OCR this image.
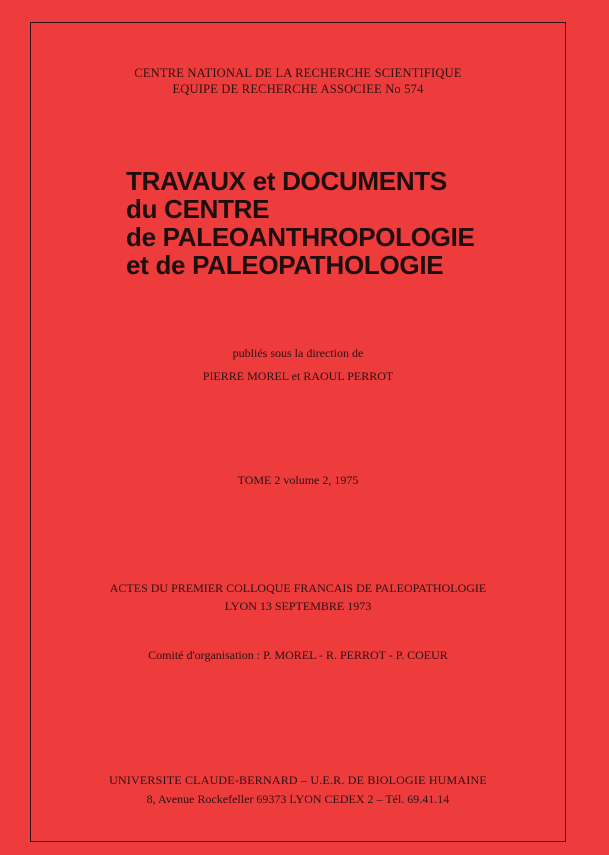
CENTRE NATIONAL DE LA RECHERCHE SCIENTIFIQUE
EQUIPE DE RECHERCHE ASSOCIEE No 574
TRAVAUX et DOCUMENTS
du CENTRE
de PALEOANTHROPOLOGIE
et de PALEOPATHOLOGIE
publiés sous la direction de
PIERRE MOREL et RAOUL PERROT
TOME 2 volume 2, 1975
ACTES DU PREMIER COLLOQUE FRANCAIS DE PALEOPATHOLOGIE
LYON 13 SEPTEMBRE 1973
Comité d'organisation : P. MOREL - R. PERROT - P. COEUR
UNIVERSITE CLAUDE-BERNARD – U.E.R. DE BIOLOGIE HUMAINE
8, Avenue Rockefeller 69373 LYON CEDEX 2 – Tél. 69.41.14
